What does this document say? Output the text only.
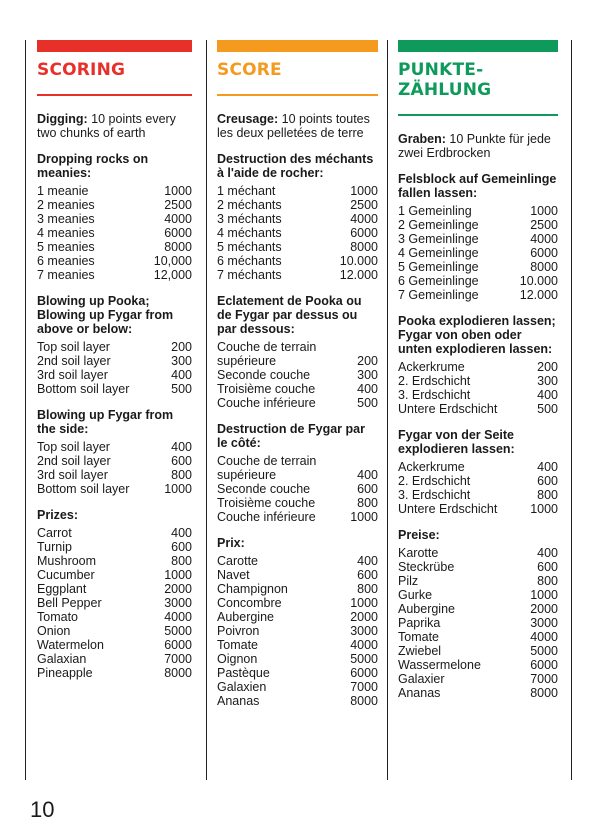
SCORING
Digging: 10 points every two chunks of earth
Dropping rocks on meanies:
1 meanie	1000
2 meanies	2500
3 meanies	4000
4 meanies	6000
5 meanies	8000
6 meanies	10,000
7 meanies	12,000
Blowing up Pooka; Blowing up Fygar from above or below:
Top soil layer	200
2nd soil layer	300
3rd soil layer	400
Bottom soil layer	500
Blowing up Fygar from the side:
Top soil layer	400
2nd soil layer	600
3rd soil layer	800
Bottom soil layer	1000
Prizes:
Carrot	400
Turnip	600
Mushroom	800
Cucumber	1000
Eggplant	2000
Bell Pepper	3000
Tomato	4000
Onion	5000
Watermelon	6000
Galaxian	7000
Pineapple	8000
SCORE
Creusage: 10 points toutes les deux pelletées de terre
Destruction des méchants à l'aide de rocher:
1 méchant	1000
2 méchants	2500
3 méchants	4000
4 méchants	6000
5 méchants	8000
6 méchants	10.000
7 méchants	12.000
Eclatement de Pooka ou de Fygar par dessus ou par dessous:
Couche de terrain
supérieure	200
Seconde couche	300
Troisième couche	400
Couche inférieure	500
Destruction de Fygar par le côté:
Couche de terrain
supérieure	400
Seconde couche	600
Troisième couche	800
Couche inférieure	1000
Prix:
Carotte	400
Navet	600
Champignon	800
Concombre	1000
Aubergine	2000
Poivron	3000
Tomate	4000
Oignon	5000
Pastèque	6000
Galaxien	7000
Ananas	8000
PUNKTE-ZÄHLUNG
Graben: 10 Punkte für jede zwei Erdbrocken
Felsblock auf Gemeinlinge fallen lassen:
1 Gemeinling	1000
2 Gemeinlinge	2500
3 Gemeinlinge	4000
4 Gemeinlinge	6000
5 Gemeinlinge	8000
6 Gemeinlinge	10.000
7 Gemeinlinge	12.000
Pooka explodieren lassen; Fygar von oben oder unten explodieren lassen:
Ackerkrume	200
2. Erdschicht	300
3. Erdschicht	400
Untere Erdschicht	500
Fygar von der Seite explodieren lassen:
Ackerkrume	400
2. Erdschicht	600
3. Erdschicht	800
Untere Erdschicht	1000
Preise:
Karotte	400
Steckrübe	600
Pilz	800
Gurke	1000
Aubergine	2000
Paprika	3000
Tomate	4000
Zwiebel	5000
Wassermelone	6000
Galaxier	7000
Ananas	8000
10
